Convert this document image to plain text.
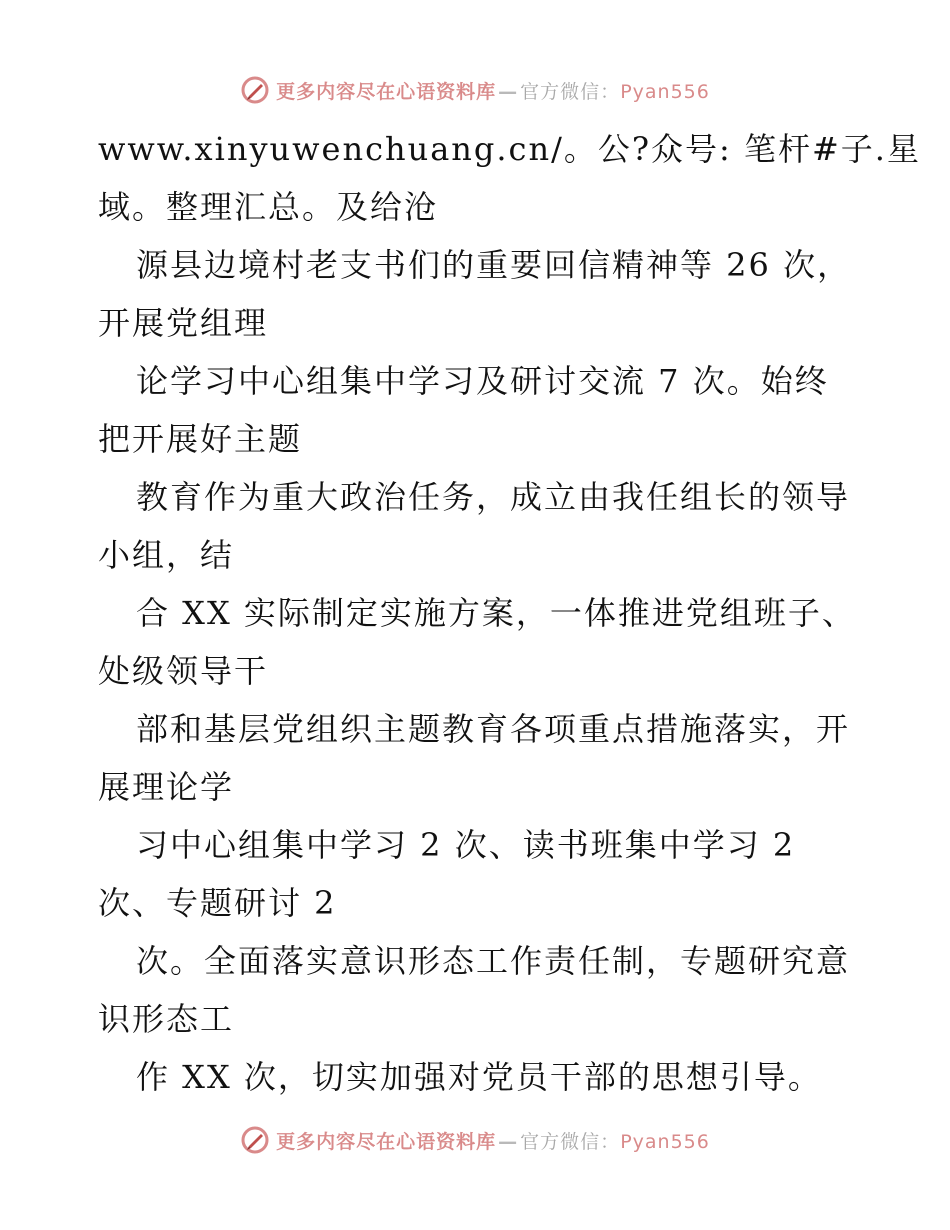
更多内容尽在心语资料库 — 官方微信：Pyan556
www.xinyuwenchuang.cn/。公?众号: 笔杆#子.星
域。整理汇总。及给沧
源县边境村老支书们的重要回信精神等 26 次，
开展党组理
论学习中心组集中学习及研讨交流 7 次。始终
把开展好主题
教育作为重大政治任务，成立由我任组长的领导
小组，结
合 XX 实际制定实施方案，一体推进党组班子、
处级领导干
部和基层党组织主题教育各项重点措施落实，开
展理论学
习中心组集中学习 2 次、读书班集中学习 2
次、专题研讨 2
次。全面落实意识形态工作责任制，专题研究意
识形态工
作 XX 次，切实加强对党员干部的思想引导。
更多内容尽在心语资料库 — 官方微信：Pyan556
